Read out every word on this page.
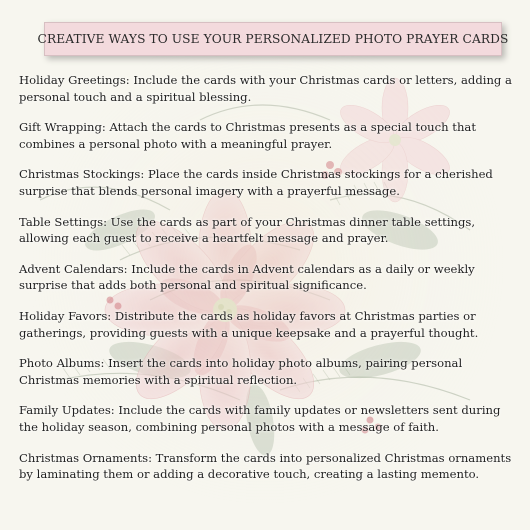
CREATIVE WAYS TO USE YOUR PERSONALIZED PHOTO PRAYER CARDS

Holiday Greetings: Include the cards with your Christmas cards or letters, adding a personal touch and a spiritual blessing.

Gift Wrapping: Attach the cards to Christmas presents as a special touch that combines a personal photo with a meaningful prayer.

Christmas Stockings: Place the cards inside Christmas stockings for a cherished surprise that blends personal imagery with a prayerful message.

Table Settings: Use the cards as part of your Christmas dinner table settings, allowing each guest to receive a heartfelt message and prayer.

Advent Calendars: Include the cards in Advent calendars as a daily or weekly surprise that adds both personal and spiritual significance.

Holiday Favors: Distribute the cards as holiday favors at Christmas parties or gatherings, providing guests with a unique keepsake and a prayerful thought.

Photo Albums: Insert the cards into holiday photo albums, pairing personal Christmas memories with a spiritual reflection.

Family Updates: Include the cards with family updates or newsletters sent during the holiday season, combining personal photos with a message of faith.

Christmas Ornaments: Transform the cards into personalized Christmas ornaments by laminating them or adding a decorative touch, creating a lasting memento.
